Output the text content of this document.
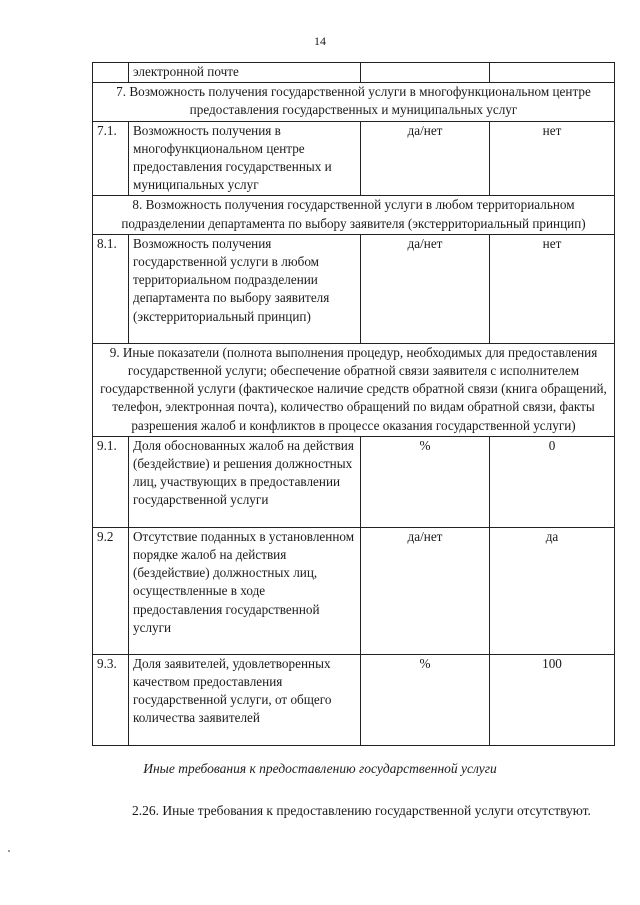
14
	электронной почте		
7. Возможность получения государственной услуги в многофункциональном центре предоставления государственных и муниципальных услуг			
7.1.	Возможность получения в многофункциональном центре предоставления государственных и муниципальных услуг	да/нет	нет
8. Возможность получения государственной услуги в любом территориальном подразделении департамента по выбору заявителя (экстерриториальный принцип)			
8.1.	Возможность получения государственной услуги в любом территориальном подразделении департамента по выбору заявителя (экстерриториальный принцип)	да/нет	нет
9. Иные показатели (полнота выполнения процедур, необходимых для предоставления государственной услуги; обеспечение обратной связи заявителя с исполнителем государственной услуги (фактическое наличие средств обратной связи (книга обращений, телефон, электронная почта), количество обращений по видам обратной связи, факты разрешения жалоб и конфликтов в процессе оказания государственной услуги)			
9.1.	Доля обоснованных жалоб на действия (бездействие) и решения должностных лиц, участвующих в предоставлении государственной услуги	%	0
9.2	Отсутствие поданных в установленном порядке жалоб на действия (бездействие) должностных лиц, осуществленные в ходе предоставления государственной услуги	да/нет	да
9.3.	Доля заявителей, удовлетворенных качеством предоставления государственной услуги, от общего количества заявителей	%	100
Иные требования к предоставлению государственной услуги
2.26. Иные требования к предоставлению государственной услуги отсутствуют.
